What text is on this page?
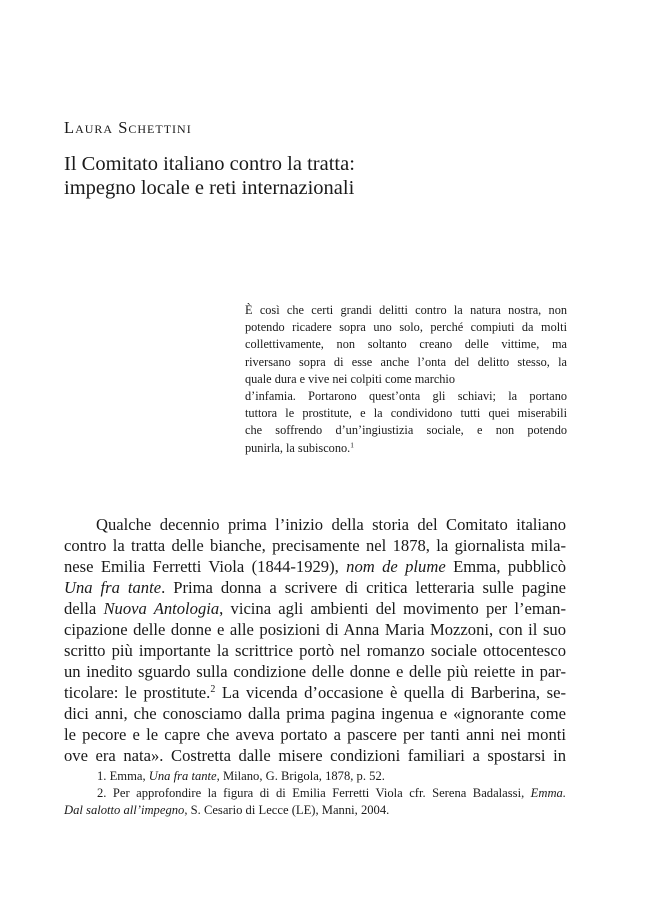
Laura Schettini
Il Comitato italiano contro la tratta:
impegno locale e reti internazionali
È così che certi grandi delitti contro la natura nostra, non
potendo ricadere sopra uno solo, perché compiuti da molti
collettivamente, non soltanto creano delle vittime, ma
riversano sopra di esse anche l’onta del delitto stesso, la
quale dura e vive nei colpiti come marchio
d’infamia. Portarono quest’onta gli schiavi; la portano
tuttora le prostitute, e la condividono tutti quei miserabili
che soffrendo d’un’ingiustizia sociale, e non potendo
punirla, la subiscono.$^1$
Qualche decennio prima l’inizio della storia del Comitato italiano
contro la tratta delle bianche, precisamente nel 1878, la giornalista mila-
nese Emilia Ferretti Viola (1844-1929), nom de plume Emma, pubblicò
Una fra tante. Prima donna a scrivere di critica letteraria sulle pagine
della Nuova Antologia, vicina agli ambienti del movimento per l’eman-
cipazione delle donne e alle posizioni di Anna Maria Mozzoni, con il suo
scritto più importante la scrittrice portò nel romanzo sociale ottocentesco
un inedito sguardo sulla condizione delle donne e delle più reiette in par-
ticolare: le prostitute.$^2$ La vicenda d’occasione è quella di Barberina, se-
dici anni, che conosciamo dalla prima pagina ingenua e «ignorante come
le pecore e le capre che aveva portato a pascere per tanti anni nei monti
ove era nata». Costretta dalle misere condizioni familiari a spostarsi in
1. Emma, Una fra tante, Milano, G. Brigola, 1878, p. 52.
2. Per approfondire la figura di di Emilia Ferretti Viola cfr. Serena Badalassi, Emma.
Dal salotto all’impegno, S. Cesario di Lecce (LE), Manni, 2004.
